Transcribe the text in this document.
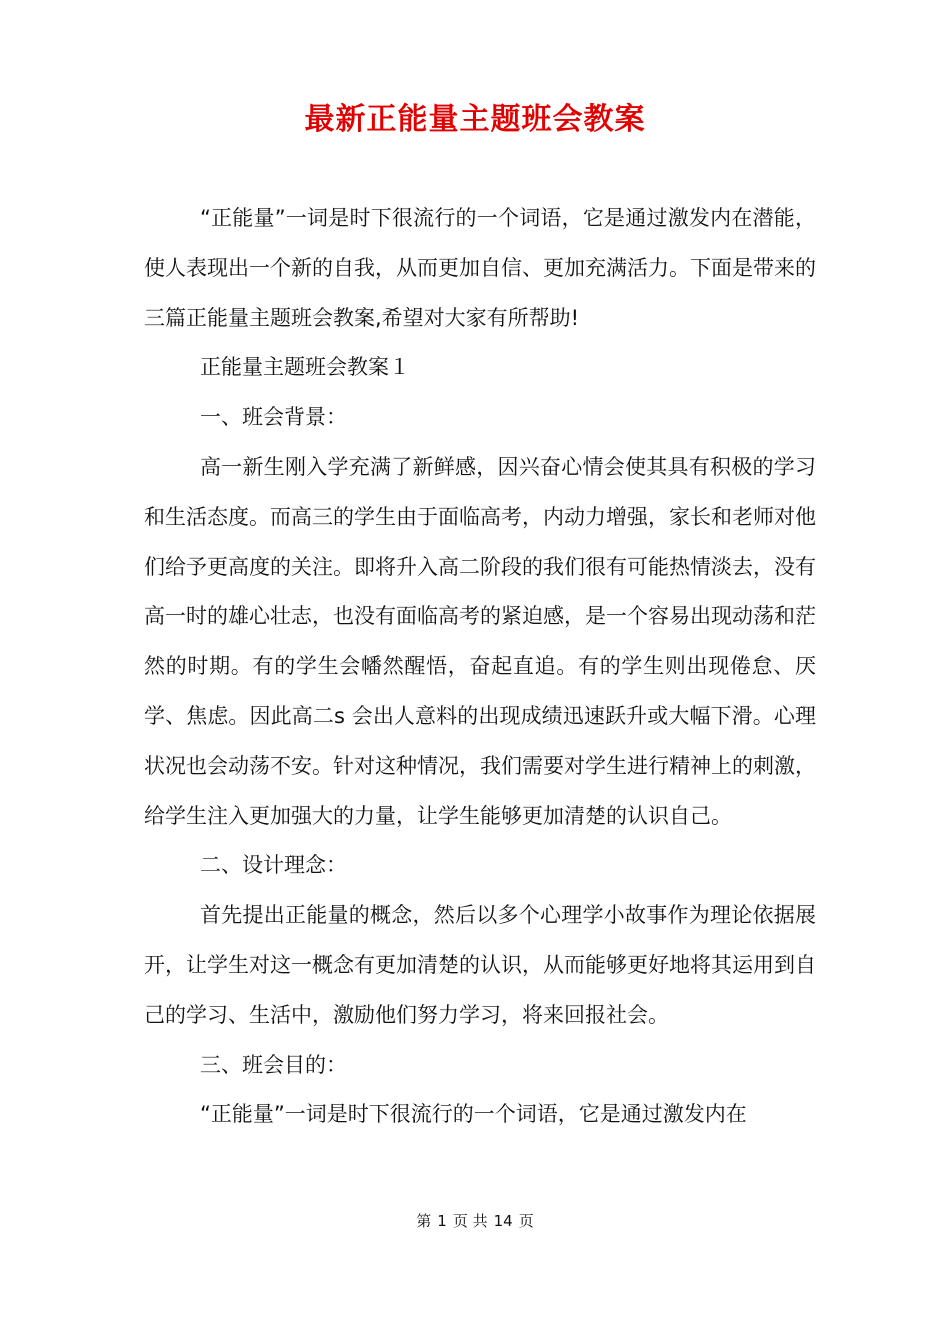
最新正能量主题班会教案

“正能量”一词是时下很流行的一个词语，它是通过激发内在潜能，使人表现出一个新的自我，从而更加自信、更加充满活力。下面是带来的三篇正能量主题班会教案,希望对大家有所帮助!

正能量主题班会教案１

一、班会背景：

高一新生刚入学充满了新鲜感，因兴奋心情会使其具有积极的学习和生活态度。而高三的学生由于面临高考，内动力增强，家长和老师对他们给予更高度的关注。即将升入高二阶段的我们很有可能热情淡去，没有高一时的雄心壮志，也没有面临高考的紧迫感，是一个容易出现动荡和茫然的时期。有的学生会幡然醒悟，奋起直追。有的学生则出现倦怠、厌学、焦虑。因此高二s 会出人意料的出现成绩迅速跃升或大幅下滑。心理状况也会动荡不安。针对这种情况，我们需要对学生进行精神上的刺激，给学生注入更加强大的力量，让学生能够更加清楚的认识自己。

二、设计理念：

首先提出正能量的概念，然后以多个心理学小故事作为理论依据展开，让学生对这一概念有更加清楚的认识，从而能够更好地将其运用到自己的学习、生活中，激励他们努力学习，将来回报社会。

三、班会目的：

“正能量”一词是时下很流行的一个词语，它是通过激发内在

第 1 页 共 14 页
